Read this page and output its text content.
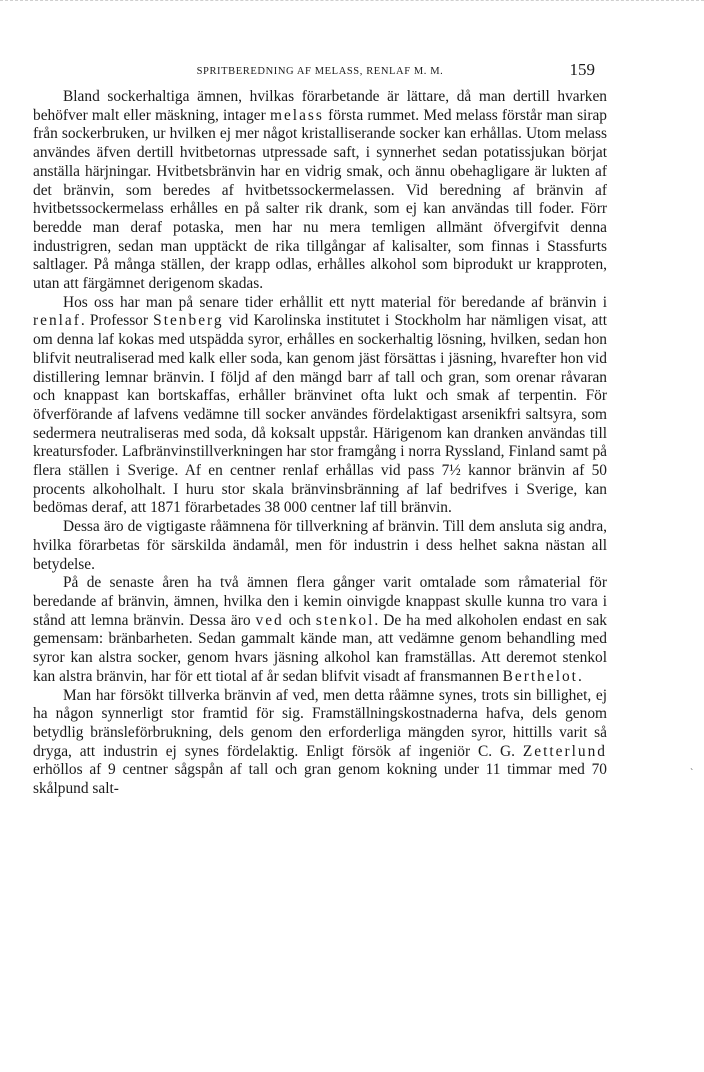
SPRITBEREDNING AF MELASS, RENLAF M. M.	159

Bland sockerhaltiga ämnen, hvilkas förarbetande är lättare, då man dertill hvarken behöfver malt eller mäskning, intager melass första rummet. Med melass förstår man sirap från sockerbruken, ur hvilken ej mer något kristalliserande socker kan erhållas. Utom melass användes äfven dertill hvitbetornas utpressade saft, i synnerhet sedan potatissjukan börjat anställa härjningar. Hvitbetsbränvin har en vidrig smak, och ännu obehagligare är lukten af det bränvin, som beredes af hvitbetssockermelassen. Vid beredning af bränvin af hvitbetssockermelass erhålles en på salter rik drank, som ej kan användas till foder. Förr beredde man deraf potaska, men har nu mera temligen allmänt öfvergifvit denna industrigren, sedan man upptäckt de rika tillgångar af kalisalter, som finnas i Stassfurts saltlager. På många ställen, der krapp odlas, erhålles alkohol som biprodukt ur krapproten, utan att färgämnet derigenom skadas.

Hos oss har man på senare tider erhållit ett nytt material för beredande af bränvin i renlaf. Professor Stenberg vid Karolinska institutet i Stockholm har nämligen visat, att om denna laf kokas med utspädda syror, erhålles en sockerhaltig lösning, hvilken, sedan hon blifvit neutraliserad med kalk eller soda, kan genom jäst försättas i jäsning, hvarefter hon vid distillering lemnar bränvin. I följd af den mängd barr af tall och gran, som orenar råvaran och knappast kan bortskaffas, erhåller bränvinet ofta lukt och smak af terpentin. För öfverförande af lafvens vedämne till socker användes fördelaktigast arsenikfri saltsyra, som sedermera neutraliseras med soda, då koksalt uppstår. Härigenom kan dranken användas till kreatursfoder. Lafbränvinstillverkningen har stor framgång i norra Ryssland, Finland samt på flera ställen i Sverige. Af en centner renlaf erhållas vid pass 7½ kannor bränvin af 50 procents alkoholhalt. I huru stor skala bränvinsbränning af laf bedrifves i Sverige, kan bedömas deraf, att 1871 förarbetades 38 000 centner laf till bränvin.

Dessa äro de vigtigaste råämnena för tillverkning af bränvin. Till dem ansluta sig andra, hvilka förarbetas för särskilda ändamål, men för industrin i dess helhet sakna nästan all betydelse.

På de senaste åren ha två ämnen flera gånger varit omtalade som råmaterial för beredande af bränvin, ämnen, hvilka den i kemin oinvigde knappast skulle kunna tro vara i stånd att lemna bränvin. Dessa äro ved och stenkol. De ha med alkoholen endast en sak gemensam: bränbarheten. Sedan gammalt kände man, att vedämne genom behandling med syror kan alstra socker, genom hvars jäsning alkohol kan framställas. Att deremot stenkol kan alstra bränvin, har för ett tiotal af år sedan blifvit visadt af fransmannen Berthelot.

Man har försökt tillverka bränvin af ved, men detta råämne synes, trots sin billighet, ej ha någon synnerligt stor framtid för sig. Framställningskostnaderna hafva, dels genom betydlig bränsleförbrukning, dels genom den erforderliga mängden syror, hittills varit så dryga, att industrin ej synes fördelaktig. Enligt försök af ingeniör C. G. Zetterlund erhöllos af 9 centner sågspån af tall och gran genom kokning under 11 timmar med 70 skålpund salt-

ˋ
